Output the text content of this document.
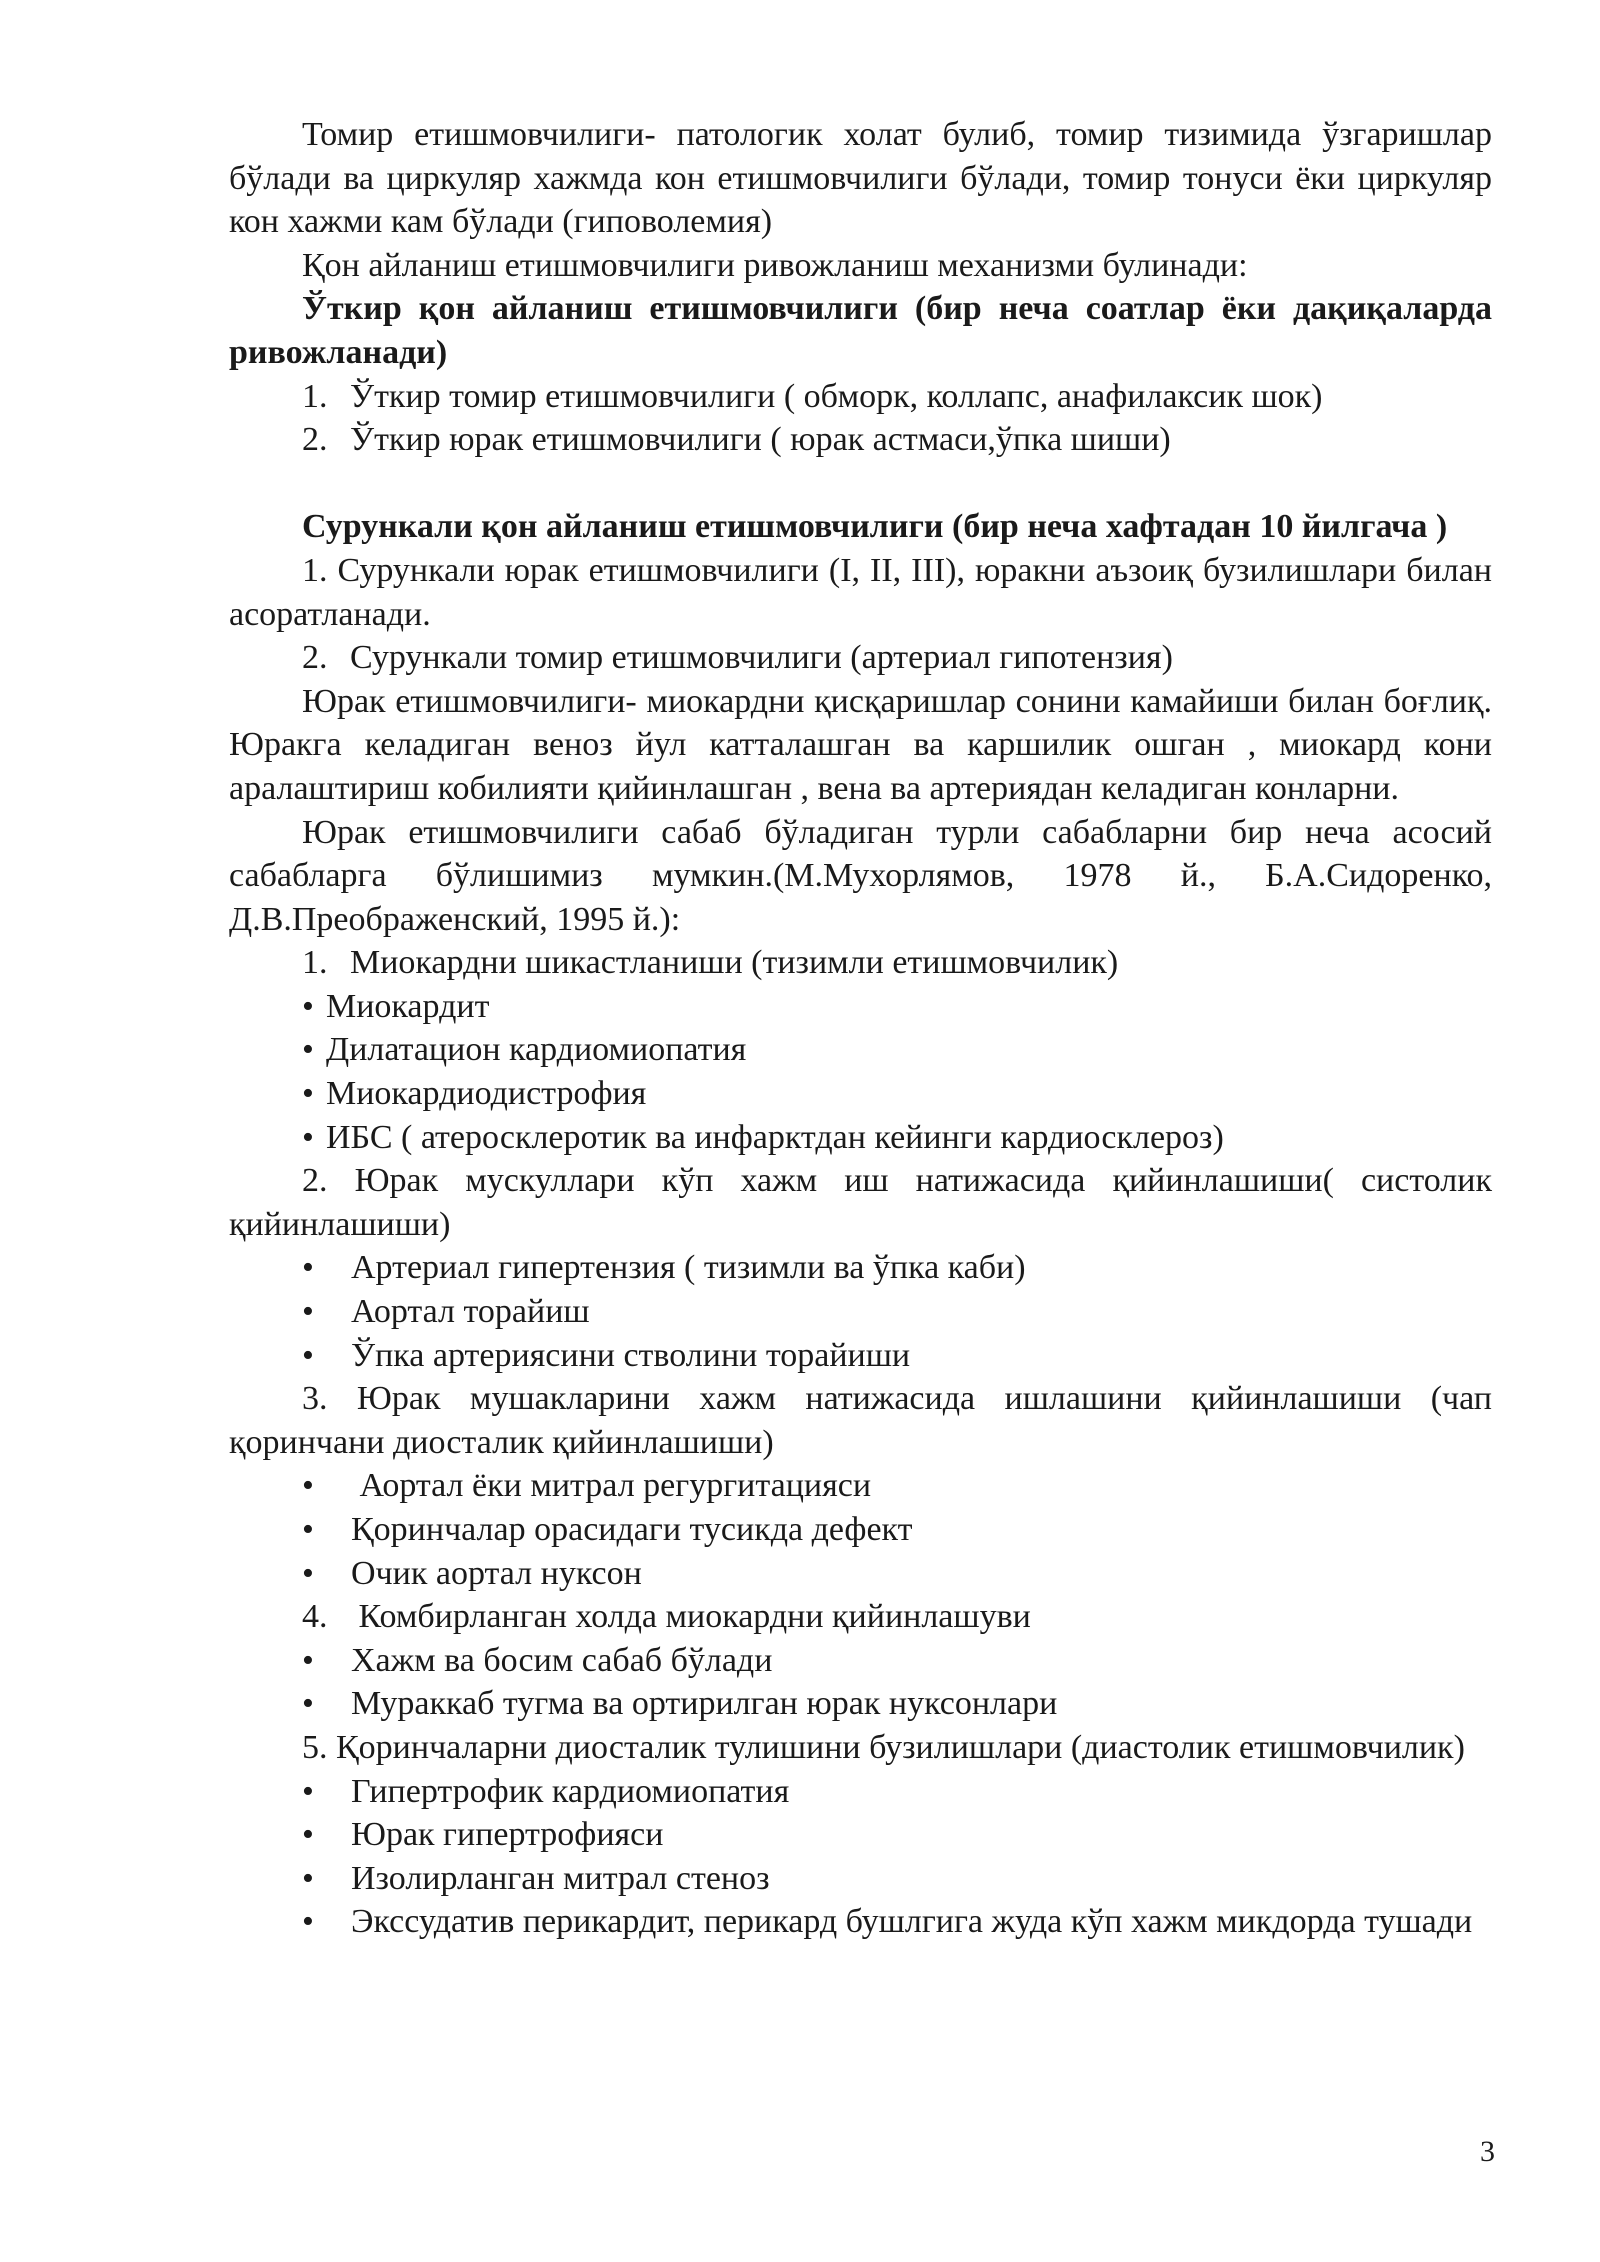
Томир етишмовчилиги- патологик холат булиб, томир тизимида ўзгаришлар бўлади ва циркуляр хажмда кон етишмовчилиги бўлади, томир тонуси ёки циркуляр кон хажми кам бўлади (гиповолемия)

Қон айланиш етишмовчилиги ривожланиш механизми булинади:

Ўткир қон айланиш етишмовчилиги (бир неча соатлар ёки дақиқаларда ривожланади)

1. Ўткир томир етишмовчилиги ( обморк, коллапс, анафилаксик шок)
2. Ўткир юрак етишмовчилиги ( юрак астмаси,ўпка шиши)

Сурункали қон айланиш етишмовчилиги (бир неча хафтадан 10 йилгача )

1. Сурункали юрак етишмовчилиги (I, II, III), юракни аъзоиқ бузилишлари билан асоратланади.

2. Сурункали томир етишмовчилиги (артериал гипотензия)

Юрак етишмовчилиги- миокардни қисқаришлар сонини камайиши билан боғлиқ. Юракга келадиган веноз йул катталашган ва каршилик ошган , миокард кони аралаштириш кобилияти қийинлашган , вена ва артериядан келадиган конларни.

Юрак етишмовчилиги сабаб бўладиган турли сабабларни бир неча асосий сабабларга бўлишимиз мумкин.(М.Мухорлямов, 1978 й., Б.А.Сидоренко, Д.В.Преображенский, 1995 й.):

1. Миокардни шикастланиши (тизимли етишмовчилик)
• Миокардит
• Дилатацион кардиомиопатия
• Миокардиодистрофия
• ИБС ( атеросклеротик ва инфарктдан кейинги кардиосклероз)

2. Юрак мускуллари кўп хажм иш натижасида қийинлашиши( систолик қийинлашиши)

• Артериал гипертензия ( тизимли ва ўпка каби)
• Аортал торайиш
• Ўпка артериясини стволини торайиши

3. Юрак мушакларини хажм натижасида ишлашини қийинлашиши (чап қоринчани диосталик қийинлашиши)

• Аортал ёки митрал регургитацияси
• Қоринчалар орасидаги тусикда дефект
• Очик аортал нуксон
4. Комбирланган холда миокардни қийинлашуви
• Хажм ва босим сабаб бўлади
• Мураккаб тугма ва ортирилган юрак нуксонлари

5. Қоринчаларни диосталик тулишини бузилишлари (диастолик етишмовчилик)

• Гипертрофик кардиомиопатия
• Юрак гипертрофияси
• Изолирланган митрал стеноз

• Экссудатив перикардит, перикард бушлгига жуда кўп хажм микдорда тушади

3
